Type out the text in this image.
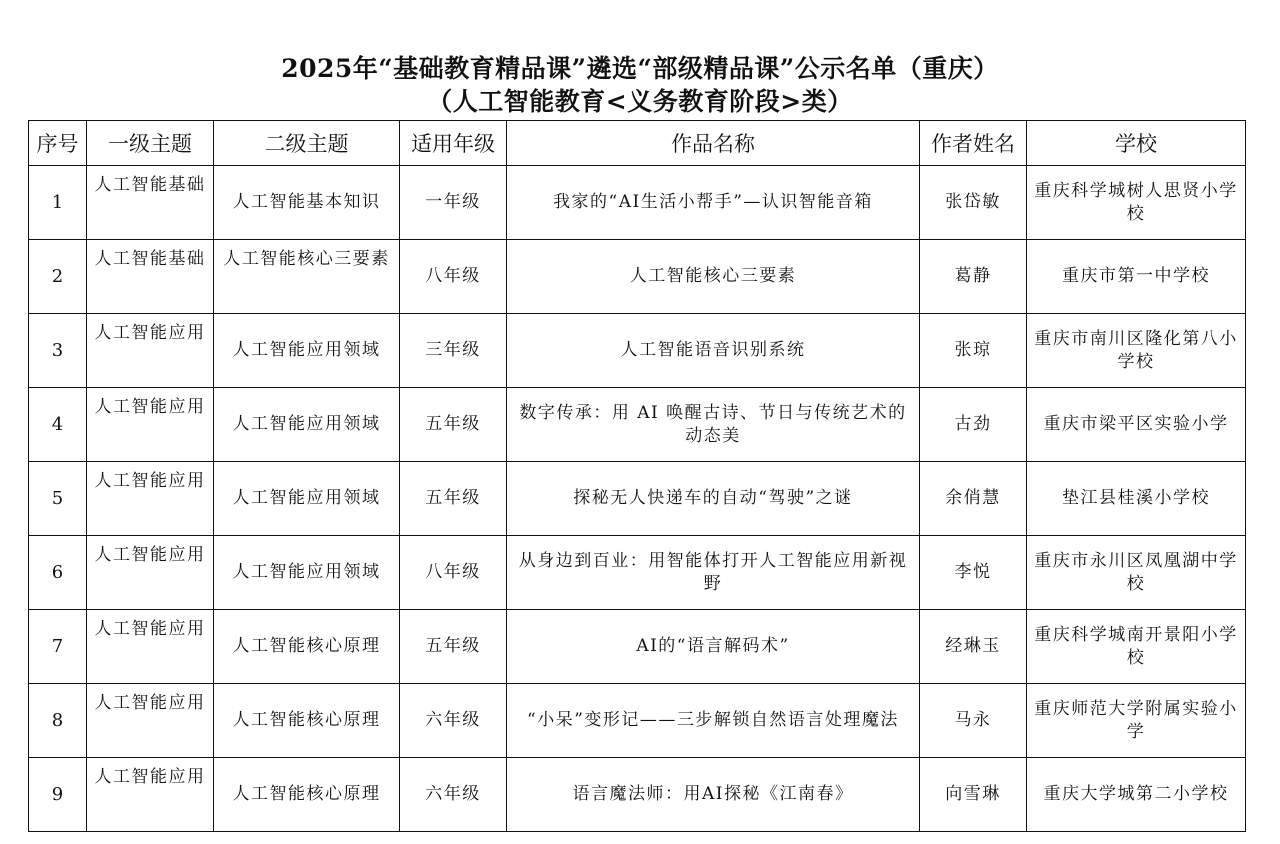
2025年“基础教育精品课”遴选“部级精品课”公示名单（重庆）
（人工智能教育<义务教育阶段>类）
序号	一级主题	二级主题	适用年级	作品名称	作者姓名	学校
1	人工智能基础	人工智能基本知识	一年级	我家的“AI生活小帮手”—认识智能音箱	张岱敏	重庆科学城树人思贤小学校
2	人工智能基础	人工智能核心三要素	八年级	人工智能核心三要素	葛静	重庆市第一中学校
3	人工智能应用	人工智能应用领域	三年级	人工智能语音识别系统	张琼	重庆市南川区隆化第八小学校
4	人工智能应用	人工智能应用领域	五年级	数字传承：用 AI 唤醒古诗、节日与传统艺术的动态美	古劲	重庆市梁平区实验小学
5	人工智能应用	人工智能应用领域	五年级	探秘无人快递车的自动“驾驶”之谜	余俏慧	垫江县桂溪小学校
6	人工智能应用	人工智能应用领域	八年级	从身边到百业：用智能体打开人工智能应用新视野	李悦	重庆市永川区凤凰湖中学校
7	人工智能应用	人工智能核心原理	五年级	AI的“语言解码术”	经琳玉	重庆科学城南开景阳小学校
8	人工智能应用	人工智能核心原理	六年级	“小呆”变形记——三步解锁自然语言处理魔法	马永	重庆师范大学附属实验小学
9	人工智能应用	人工智能核心原理	六年级	语言魔法师：用AI探秘《江南春》	向雪琳	重庆大学城第二小学校
